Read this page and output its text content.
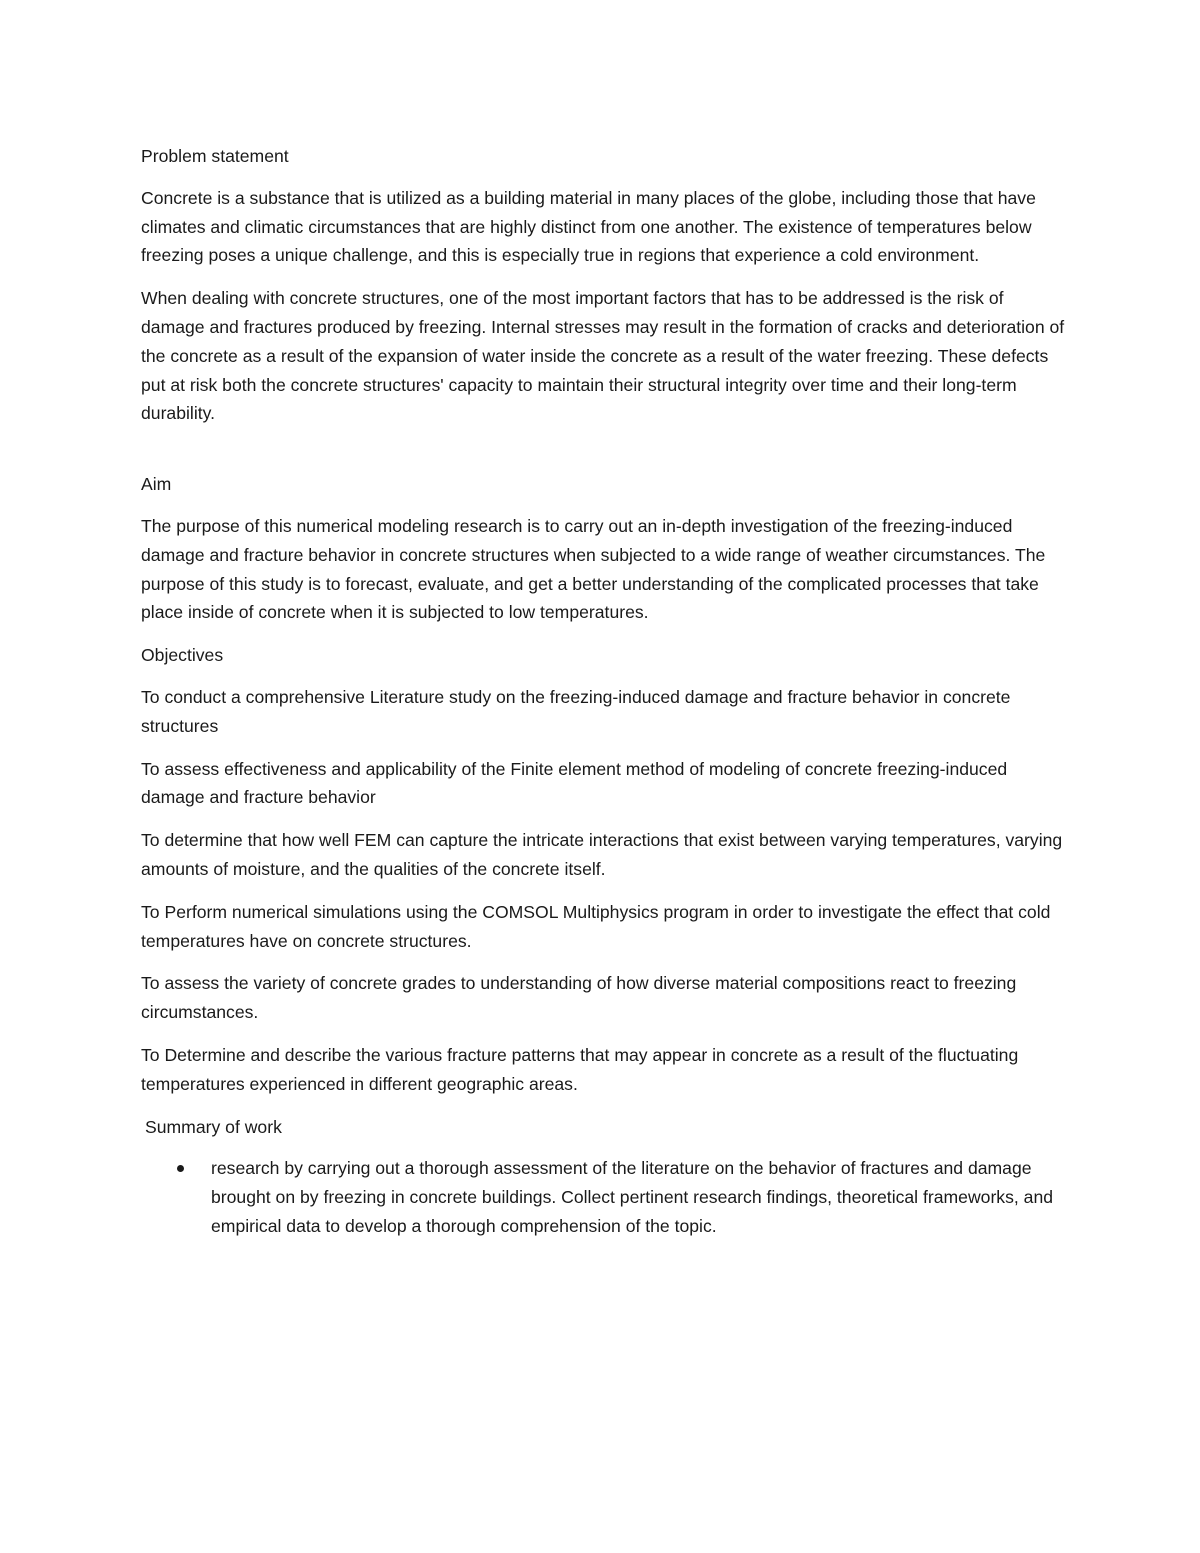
Problem statement

Concrete is a substance that is utilized as a building material in many places of the globe, including those that have climates and climatic circumstances that are highly distinct from one another. The existence of temperatures below freezing poses a unique challenge, and this is especially true in regions that experience a cold environment.

When dealing with concrete structures, one of the most important factors that has to be addressed is the risk of damage and fractures produced by freezing. Internal stresses may result in the formation of cracks and deterioration of the concrete as a result of the expansion of water inside the concrete as a result of the water freezing. These defects put at risk both the concrete structures' capacity to maintain their structural integrity over time and their long-term durability.

Aim

The purpose of this numerical modeling research is to carry out an in-depth investigation of the freezing-induced damage and fracture behavior in concrete structures when subjected to a wide range of weather circumstances. The purpose of this study is to forecast, evaluate, and get a better understanding of the complicated processes that take place inside of concrete when it is subjected to low temperatures.

Objectives

To conduct a comprehensive Literature study on the freezing-induced damage and fracture behavior in concrete structures

To assess effectiveness and applicability of the Finite element method of modeling of concrete freezing-induced damage and fracture behavior

To determine that how well FEM can capture the intricate interactions that exist between varying temperatures, varying amounts of moisture, and the qualities of the concrete itself.

To Perform numerical simulations using the COMSOL Multiphysics program in order to investigate the effect that cold temperatures have on concrete structures.

To assess the variety of concrete grades to understanding of how diverse material compositions react to freezing circumstances.

To Determine and describe the various fracture patterns that may appear in concrete as a result of the fluctuating temperatures experienced in different geographic areas.

Summary of work

research by carrying out a thorough assessment of the literature on the behavior of fractures and damage brought on by freezing in concrete buildings. Collect pertinent research findings, theoretical frameworks, and empirical data to develop a thorough comprehension of the topic.
